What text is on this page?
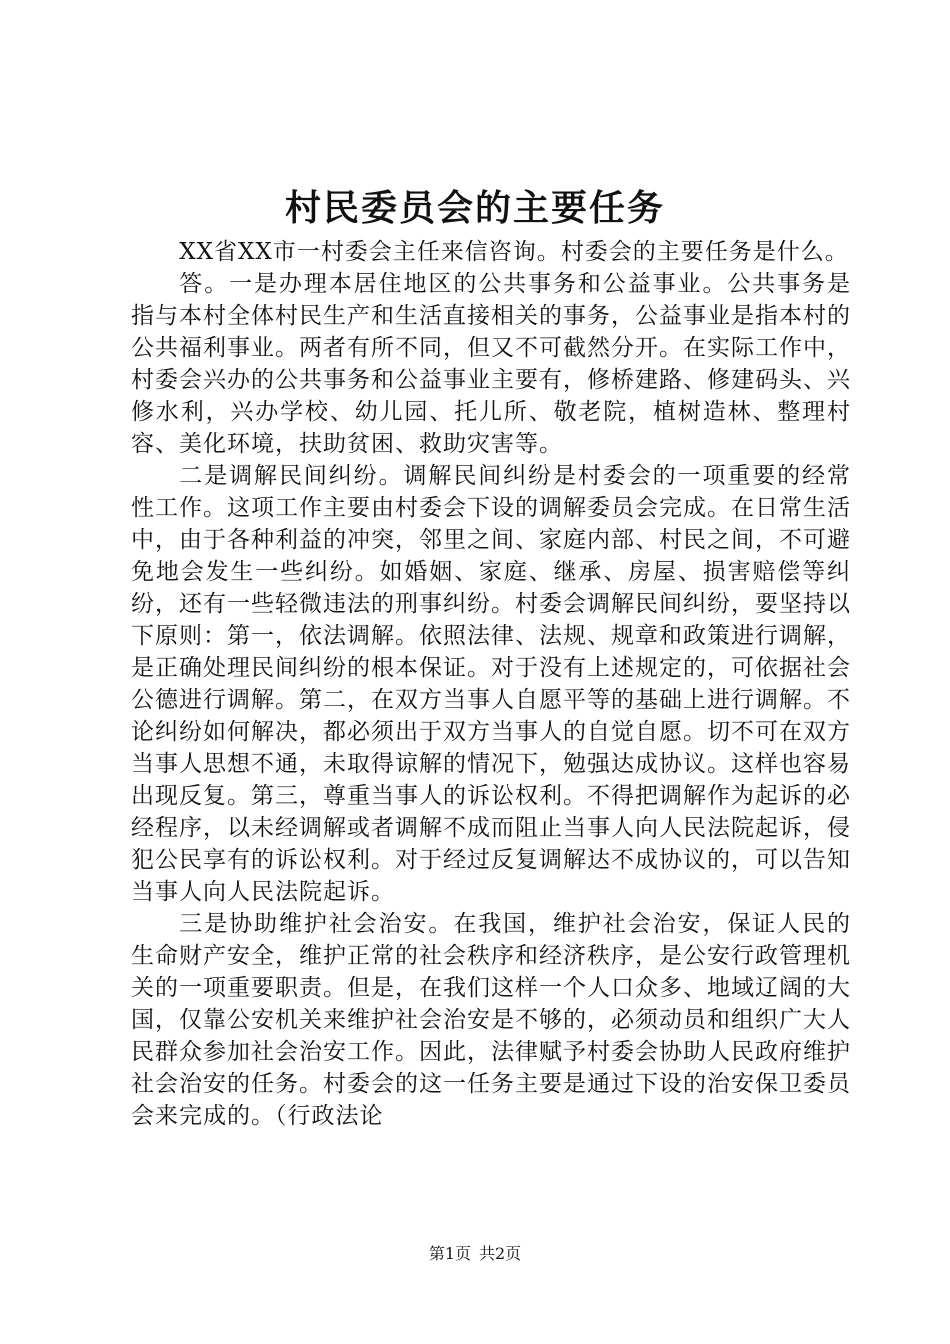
村民委员会的主要任务

XX省XX市一村委会主任来信咨询。村委会的主要任务是什么。

答。一是办理本居住地区的公共事务和公益事业。公共事务是指与本村全体村民生产和生活直接相关的事务，公益事业是指本村的公共福利事业。两者有所不同，但又不可截然分开。在实际工作中，村委会兴办的公共事务和公益事业主要有，修桥建路、修建码头、兴修水利，兴办学校、幼儿园、托儿所、敬老院，植树造林、整理村容、美化环境，扶助贫困、救助灾害等。

二是调解民间纠纷。调解民间纠纷是村委会的一项重要的经常性工作。这项工作主要由村委会下设的调解委员会完成。在日常生活中，由于各种利益的冲突，邻里之间、家庭内部、村民之间，不可避免地会发生一些纠纷。如婚姻、家庭、继承、房屋、损害赔偿等纠纷，还有一些轻微违法的刑事纠纷。村委会调解民间纠纷，要坚持以下原则：第一，依法调解。依照法律、法规、规章和政策进行调解，是正确处理民间纠纷的根本保证。对于没有上述规定的，可依据社会公德进行调解。第二，在双方当事人自愿平等的基础上进行调解。不论纠纷如何解决，都必须出于双方当事人的自觉自愿。切不可在双方当事人思想不通，未取得谅解的情况下，勉强达成协议。这样也容易出现反复。第三，尊重当事人的诉讼权利。不得把调解作为起诉的必经程序，以未经调解或者调解不成而阻止当事人向人民法院起诉，侵犯公民享有的诉讼权利。对于经过反复调解达不成协议的，可以告知当事人向人民法院起诉。

三是协助维护社会治安。在我国，维护社会治安，保证人民的生命财产安全，维护正常的社会秩序和经济秩序，是公安行政管理机关的一项重要职责。但是，在我们这样一个人口众多、地域辽阔的大国，仅靠公安机关来维护社会治安是不够的，必须动员和组织广大人民群众参加社会治安工作。因此，法律赋予村委会协助人民政府维护社会治安的任务。村委会的这一任务主要是通过下设的治安保卫委员会来完成的。（行政法论

第1页 共2页
